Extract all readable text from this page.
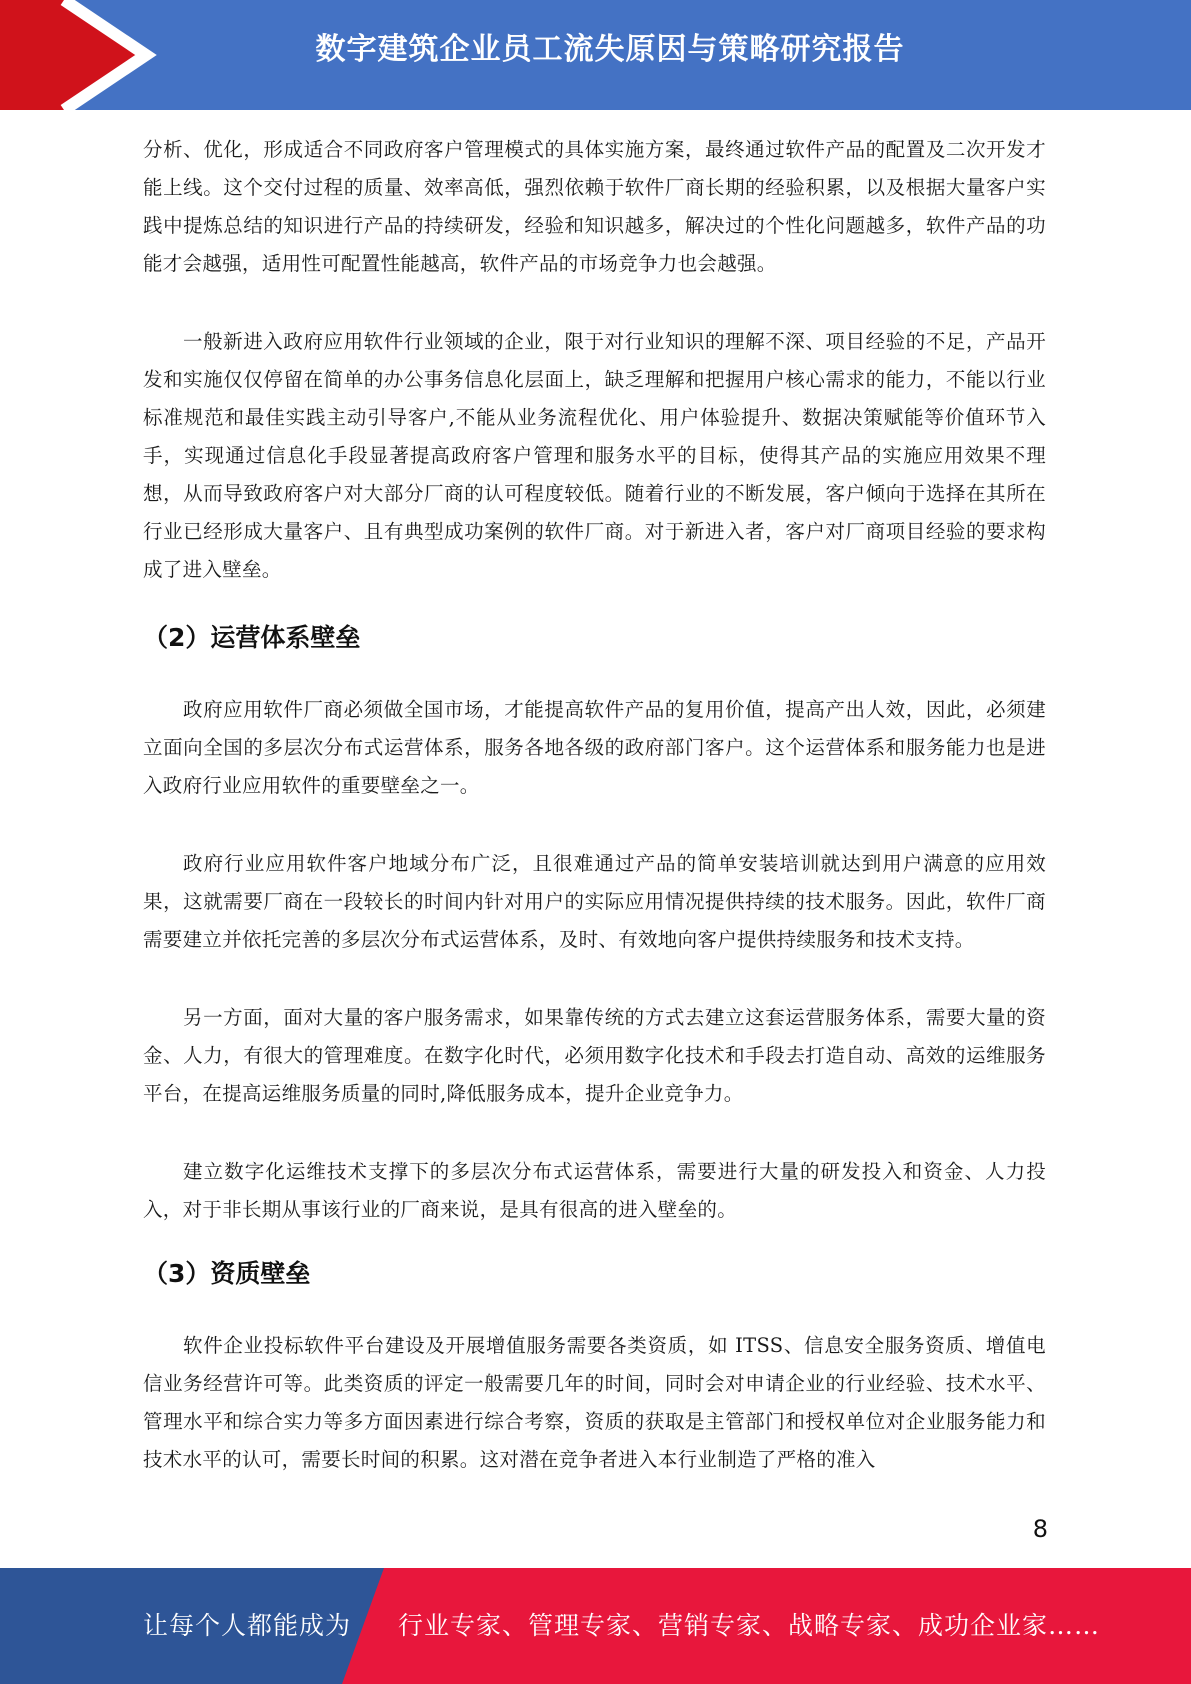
数字建筑企业员工流失原因与策略研究报告

分析、优化，形成适合不同政府客户管理模式的具体实施方案，最终通过软件产品的配置及二次开发才能上线。这个交付过程的质量、效率高低，强烈依赖于软件厂商长期的经验积累，以及根据大量客户实践中提炼总结的知识进行产品的持续研发，经验和知识越多，解决过的个性化问题越多，软件产品的功能才会越强，适用性可配置性能越高，软件产品的市场竞争力也会越强。

一般新进入政府应用软件行业领域的企业，限于对行业知识的理解不深、项目经验的不足，产品开发和实施仅仅停留在简单的办公事务信息化层面上，缺乏理解和把握用户核心需求的能力，不能以行业标准规范和最佳实践主动引导客户,不能从业务流程优化、用户体验提升、数据决策赋能等价值环节入手，实现通过信息化手段显著提高政府客户管理和服务水平的目标，使得其产品的实施应用效果不理想，从而导致政府客户对大部分厂商的认可程度较低。随着行业的不断发展，客户倾向于选择在其所在行业已经形成大量客户、且有典型成功案例的软件厂商。对于新进入者，客户对厂商项目经验的要求构成了进入壁垒。

（2）运营体系壁垒

政府应用软件厂商必须做全国市场，才能提高软件产品的复用价值，提高产出人效，因此，必须建立面向全国的多层次分布式运营体系，服务各地各级的政府部门客户。这个运营体系和服务能力也是进入政府行业应用软件的重要壁垒之一。

政府行业应用软件客户地域分布广泛，且很难通过产品的简单安装培训就达到用户满意的应用效果，这就需要厂商在一段较长的时间内针对用户的实际应用情况提供持续的技术服务。因此，软件厂商需要建立并依托完善的多层次分布式运营体系，及时、有效地向客户提供持续服务和技术支持。

另一方面，面对大量的客户服务需求，如果靠传统的方式去建立这套运营服务体系，需要大量的资金、人力，有很大的管理难度。在数字化时代，必须用数字化技术和手段去打造自动、高效的运维服务平台，在提高运维服务质量的同时,降低服务成本，提升企业竞争力。

建立数字化运维技术支撑下的多层次分布式运营体系，需要进行大量的研发投入和资金、人力投入，对于非长期从事该行业的厂商来说，是具有很高的进入壁垒的。

（3）资质壁垒

软件企业投标软件平台建设及开展增值服务需要各类资质，如 ITSS、信息安全服务资质、增值电信业务经营许可等。此类资质的评定一般需要几年的时间，同时会对申请企业的行业经验、技术水平、管理水平和综合实力等多方面因素进行综合考察，资质的获取是主管部门和授权单位对企业服务能力和技术水平的认可，需要长时间的积累。这对潜在竞争者进入本行业制造了严格的准入

8
让每个人都能成为 行业专家、管理专家、营销专家、战略专家、成功企业家……
